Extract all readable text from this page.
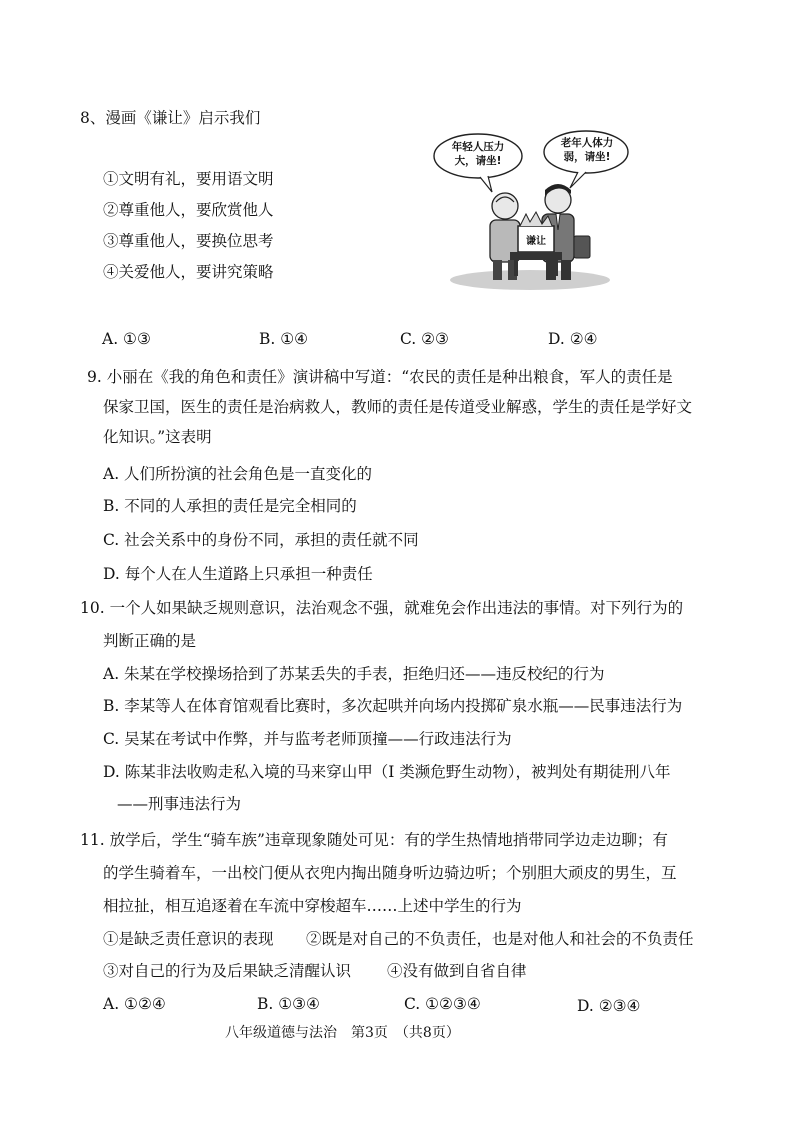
8、漫画《谦让》启示我们
①文明有礼，要用语文明
②尊重他人，要欣赏他人
③尊重他人，要换位思考
④关爱他人，要讲究策略
年轻人压力大，请坐!
老年人体力弱，请坐!
谦让
A. ①③	B. ①④	C. ②③	D. ②④
9. 小丽在《我的角色和责任》演讲稿中写道：“农民的责任是种出粮食，军人的责任是
保家卫国，医生的责任是治病救人，教师的责任是传道受业解惑，学生的责任是学好文
化知识。”这表明
A. 人们所扮演的社会角色是一直变化的
B. 不同的人承担的责任是完全相同的
C. 社会关系中的身份不同，承担的责任就不同
D. 每个人在人生道路上只承担一种责任
10. 一个人如果缺乏规则意识，法治观念不强，就难免会作出违法的事情。对下列行为的
判断正确的是
A. 朱某在学校操场拾到了苏某丢失的手表，拒绝归还——违反校纪的行为
B. 李某等人在体育馆观看比赛时，多次起哄并向场内投掷矿泉水瓶——民事违法行为
C. 吴某在考试中作弊，并与监考老师顶撞——行政违法行为
D. 陈某非法收购走私入境的马来穿山甲（I 类濒危野生动物），被判处有期徒刑八年
——刑事违法行为
11. 放学后，学生“骑车族”违章现象随处可见：有的学生热情地捎带同学边走边聊；有
的学生骑着车，一出校门便从衣兜内掏出随身听边骑边听；个别胆大顽皮的男生，互
相拉扯，相互追逐着在车流中穿梭超车……上述中学生的行为
①是缺乏责任意识的表现 ②既是对自己的不负责任，也是对他人和社会的不负责任
③对自己的行为及后果缺乏清醒认识 ④没有做到自省自律
A. ①②④	B. ①③④	C. ①②③④	D. ②③④
八年级道德与法治　第3页　（共8页）
